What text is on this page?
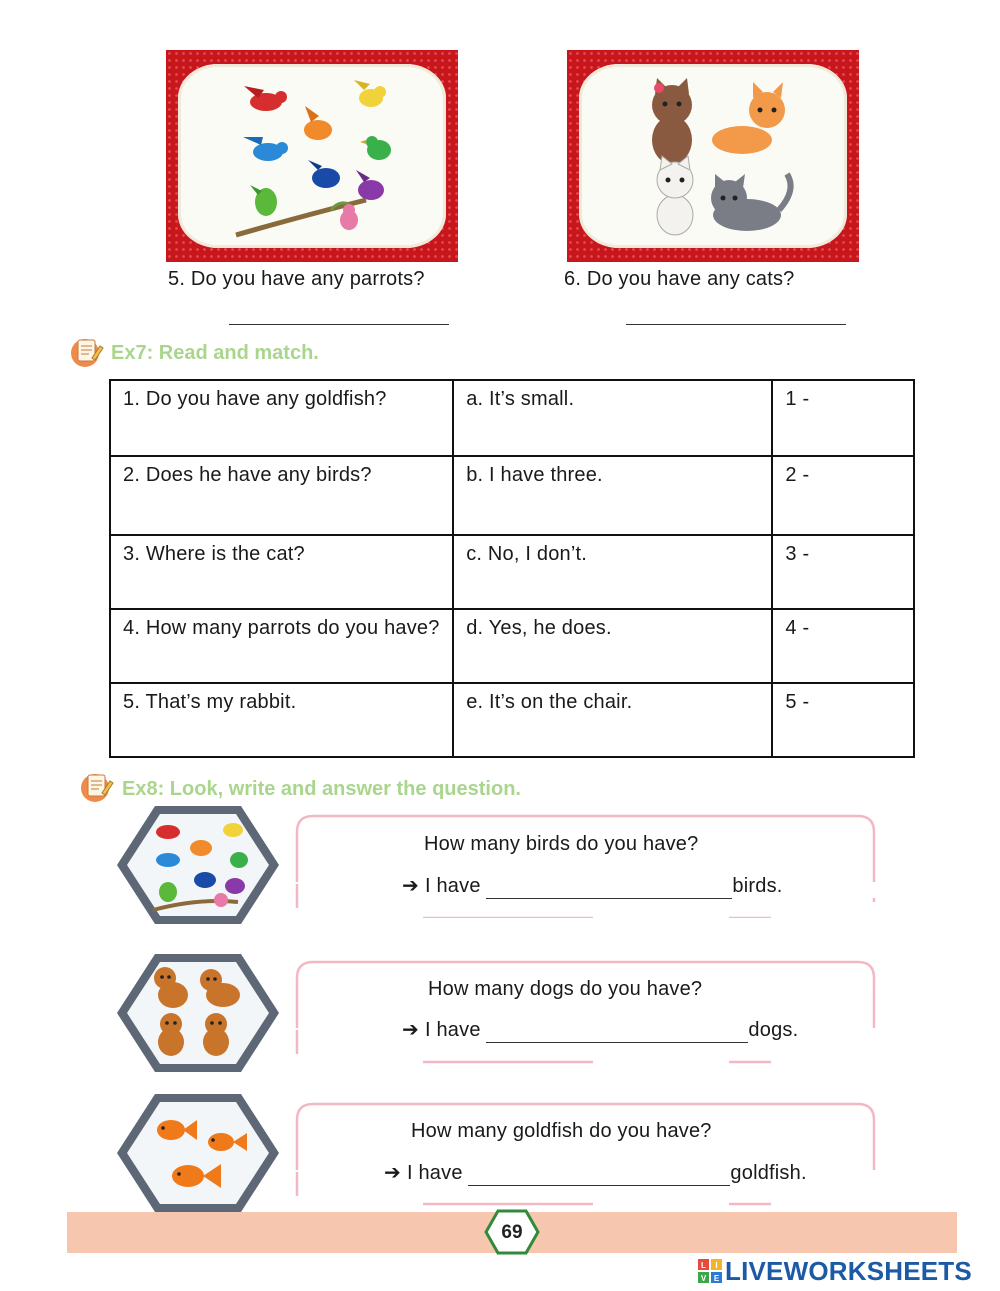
5. Do you have any parrots?	6. Do you have any cats?
Ex7: Read and match.
1. Do you have any goldfish?	a. It’s small.	1 -
2. Does he have any birds?	b. I have three.	2 -
3. Where is the cat?	c. No, I don’t.	3 -
4. How many parrots do you have?	d. Yes, he does.	4 -
5. That’s my rabbit.	e. It’s on the chair.	5 -
Ex8: Look, write and answer the question.
How many birds do you have?
➔ I have	birds.
How many dogs do you have?
➔ I have	dogs.
How many goldfish do you have?
➔ I have	goldfish.
69
L I
V E LIVEWORKSHEETS
